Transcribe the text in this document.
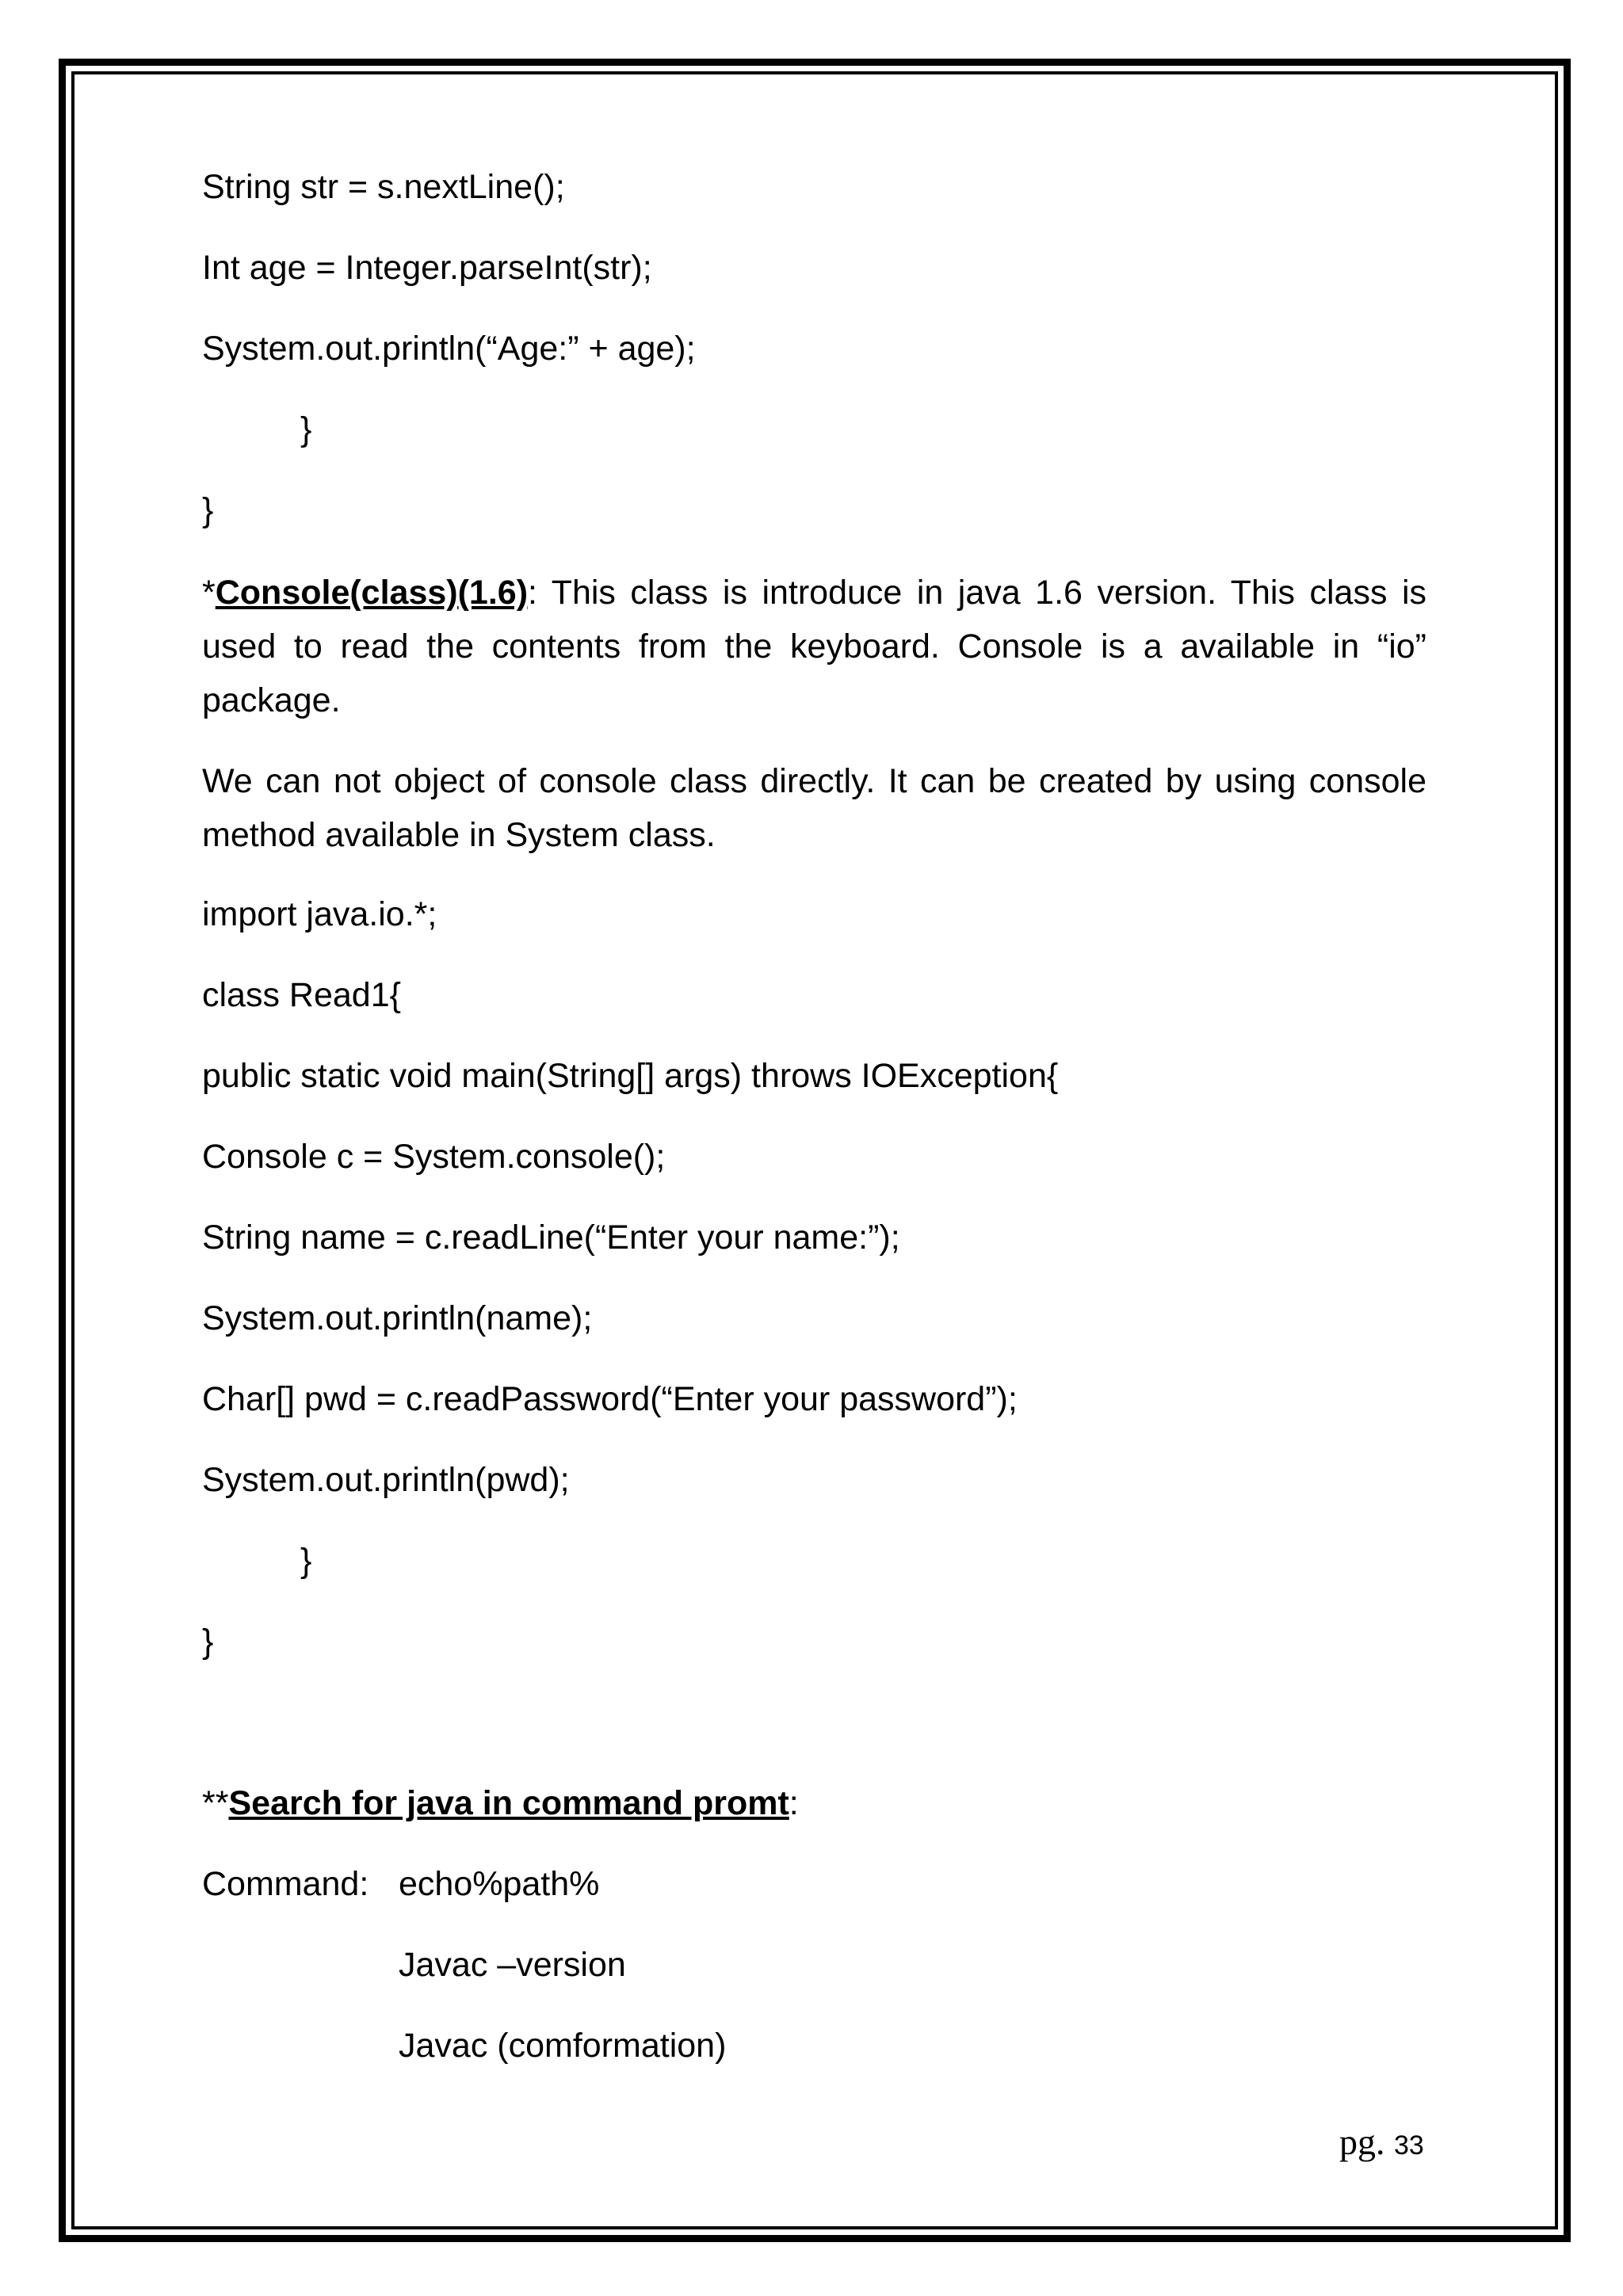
String str = s.nextLine();
Int age = Integer.parseInt(str);
System.out.println(“Age:” + age);
}
}
*Console(class)(1.6): This class is introduce in java 1.6 version. This class is used to read the contents from the keyboard. Console is a available in “io” package.
We can not object of console class directly. It can be created by using console method available in System class.
import java.io.*;
class Read1{
public static void main(String[] args) throws IOException{
Console c = System.console();
String name = c.readLine(“Enter your name:”);
System.out.println(name);
Char[] pwd = c.readPassword(“Enter your password”);
System.out.println(pwd);
}
}
**Search for java in command promt:
Command: echo%path%
Javac –version
Javac (comformation)
pg. 33
